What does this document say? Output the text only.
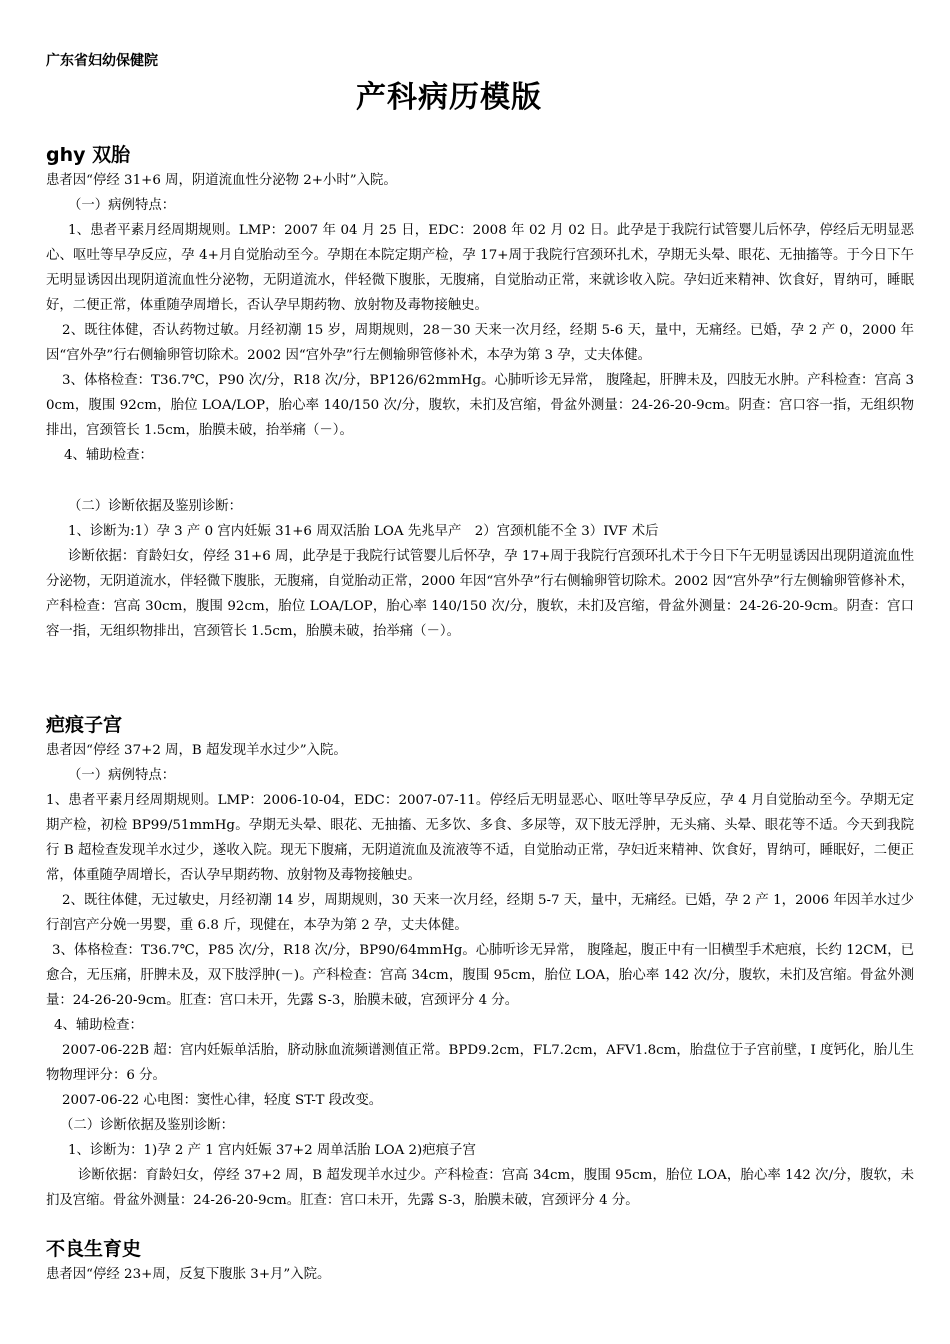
广东省妇幼保健院
产科病历模版
ghy 双胎

患者因“停经 31+6 周，阴道流血性分泌物 2+小时”入院。

（一）病例特点：

1、患者平素月经周期规则。LMP：2007 年 04 月 25 日，EDC：2008 年 02 月 02 日。此孕是于我院行试管婴儿后怀孕，停经后无明显恶心、呕吐等早孕反应，孕 4+月自觉胎动至今。孕期在本院定期产检，孕 17+周于我院行宫颈环扎术，孕期无头晕、眼花、无抽搐等。于今日下午无明显诱因出现阴道流血性分泌物，无阴道流水，伴轻微下腹胀，无腹痛，自觉胎动正常，来就诊收入院。孕妇近来精神、饮食好，胃纳可，睡眠好，二便正常，体重随孕周增长，否认孕早期药物、放射物及毒物接触史。

2、既往体健，否认药物过敏。月经初潮 15 岁，周期规则，28－30 天来一次月经，经期 5-6 天，量中，无痛经。已婚，孕 2 产 0，2000 年因“宫外孕”行右侧输卵管切除术。2002 因“宫外孕”行左侧输卵管修补术，本孕为第 3 孕，丈夫体健。

3、体格检查：T36.7℃，P90 次/分，R18 次/分，BP126/62mmHg。心肺听诊无异常， 腹隆起，肝脾未及，四肢无水肿。产科检查：宫高 30cm，腹围 92cm，胎位 LOA/LOP，胎心率 140/150 次/分，腹软，未扪及宫缩，骨盆外测量：24-26-20-9cm。阴查：宫口容一指，无组织物排出，宫颈管长 1.5cm，胎膜未破，抬举痛（－）。

4、辅助检查：

（二）诊断依据及鉴别诊断：

1、诊断为:1）孕 3 产 0 宫内妊娠 31+6 周双活胎 LOA 先兆早产　2）宫颈机能不全 3）IVF 术后

诊断依据：育龄妇女，停经 31+6 周，此孕是于我院行试管婴儿后怀孕，孕 17+周于我院行宫颈环扎术于今日下午无明显诱因出现阴道流血性分泌物，无阴道流水，伴轻微下腹胀，无腹痛，自觉胎动正常，2000 年因“宫外孕”行右侧输卵管切除术。2002 因“宫外孕”行左侧输卵管修补术，产科检查：宫高 30cm，腹围 92cm，胎位 LOA/LOP，胎心率 140/150 次/分，腹软，未扪及宫缩，骨盆外测量：24-26-20-9cm。阴查：宫口容一指，无组织物排出，宫颈管长 1.5cm，胎膜未破，抬举痛（－）。

疤痕子宫

患者因“停经 37+2 周，B 超发现羊水过少”入院。

（一）病例特点：

1、患者平素月经周期规则。LMP：2006-10-04，EDC：2007-07-11。停经后无明显恶心、呕吐等早孕反应，孕 4 月自觉胎动至今。孕期无定期产检，初检 BP99/51mmHg。孕期无头晕、眼花、无抽搐、无多饮、多食、多尿等，双下肢无浮肿，无头痛、头晕、眼花等不适。今天到我院行 B 超检查发现羊水过少，遂收入院。现无下腹痛，无阴道流血及流液等不适，自觉胎动正常，孕妇近来精神、饮食好，胃纳可，睡眠好，二便正常，体重随孕周增长，否认孕早期药物、放射物及毒物接触史。

2、既往体健，无过敏史，月经初潮 14 岁，周期规则，30 天来一次月经，经期 5-7 天，量中，无痛经。已婚，孕 2 产 1，2006 年因羊水过少行剖宫产分娩一男婴，重 6.8 斤，现健在，本孕为第 2 孕，丈夫体健。

3、体格检查：T36.7℃，P85 次/分，R18 次/分，BP90/64mmHg。心肺听诊无异常， 腹隆起，腹正中有一旧横型手术疤痕，长约 12CM，已愈合，无压痛，肝脾未及，双下肢浮肿(－)。产科检查：宫高 34cm，腹围 95cm，胎位 LOA，胎心率 142 次/分，腹软，未扪及宫缩。骨盆外测量：24-26-20-9cm。肛查：宫口未开，先露 S-3，胎膜未破，宫颈评分 4 分。

4、辅助检查：

2007-06-22B 超：宫内妊娠单活胎，脐动脉血流频谱测值正常。BPD9.2cm，FL7.2cm，AFV1.8cm，胎盘位于子宫前壁，I 度钙化，胎儿生物物理评分：6 分。

2007-06-22 心电图：窦性心律，轻度 ST-T 段改变。

（二）诊断依据及鉴别诊断：

1、诊断为：1)孕 2 产 1 宫内妊娠 37+2 周单活胎 LOA 2)疤痕子宫

诊断依据：育龄妇女，停经 37+2 周，B 超发现羊水过少。产科检查：宫高 34cm，腹围 95cm，胎位 LOA，胎心率 142 次/分，腹软，未扪及宫缩。骨盆外测量：24-26-20-9cm。肛查：宫口未开，先露 S-3，胎膜未破，宫颈评分 4 分。

不良生育史

患者因“停经 23+周，反复下腹胀 3+月”入院。
